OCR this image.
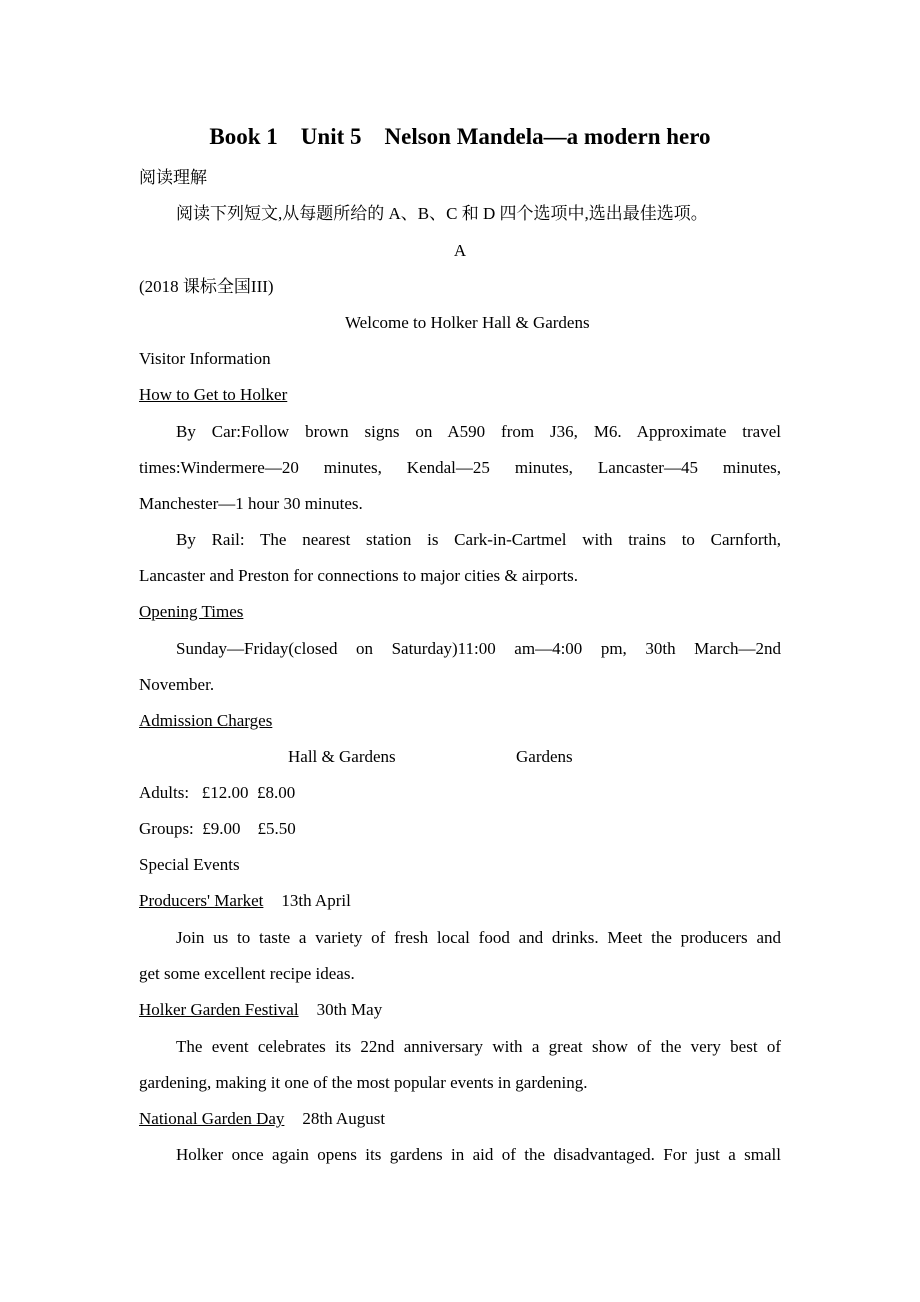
Book 1    Unit 5    Nelson Mandela—a modern hero
阅读理解
阅读下列短文,从每题所给的 A、B、C 和 D 四个选项中,选出最佳选项。
A
(2018 课标全国III)
Welcome to Holker Hall & Gardens
Visitor Information
How to Get to Holker
By Car:Follow brown signs on A590 from J36, M6. Approximate travel
times:Windermere—20 minutes, Kendal—25 minutes, Lancaster—45 minutes,
Manchester—1 hour 30 minutes.
By Rail: The nearest station is Cark-in-Cartmel with trains to Carnforth,
Lancaster and Preston for connections to major cities & airports.
Opening Times
Sunday—Friday(closed on Saturday)11:00 am—4:00 pm, 30th March—2nd
November.
Admission Charges
Hall & Gardens	Gardens
Adults:   £12.00  £8.00
Groups:  £9.00    £5.50
Special Events
Producers' Market 13th April
Join us to taste a variety of fresh local food and drinks. Meet the producers and
get some excellent recipe ideas.
Holker Garden Festival 30th May
The event celebrates its 22nd anniversary with a great show of the very best of
gardening, making it one of the most popular events in gardening.
National Garden Day 28th August
Holker once again opens its gardens in aid of the disadvantaged. For just a small
